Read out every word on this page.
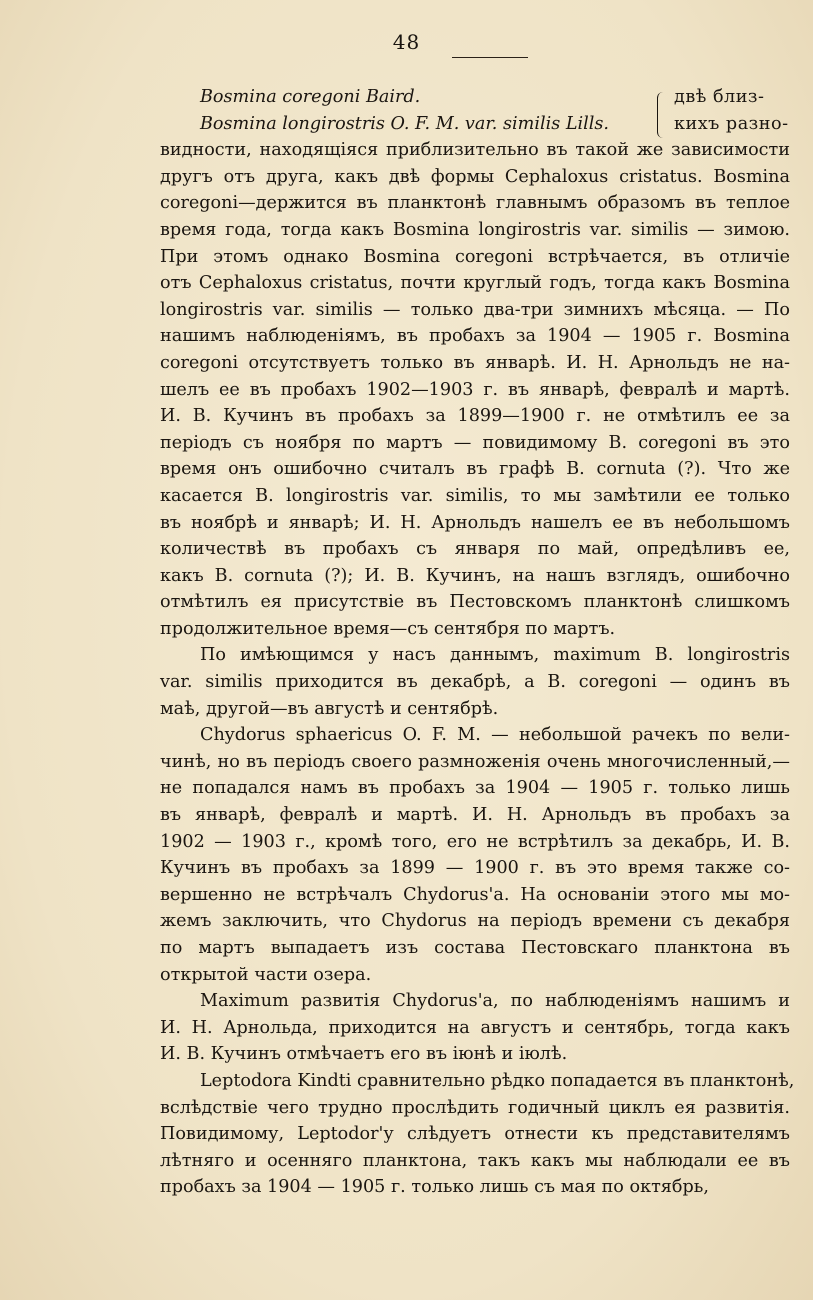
48
Bosmina coregoni Baird.	двѣ близ-
Bosmina longirostris O. F. M. var. similis Lills.	кихъ разно-
видности, находящіяся приблизительно въ такой же зависимости
другъ отъ друга, какъ двѣ формы Cephaloxus cristatus. Bosmina
coregoni—держится въ планктонѣ главнымъ образомъ въ теплое
время года, тогда какъ Bosmina longirostris var. similis — зимою.
При этомъ однако Bosmina coregoni встрѣчается, въ отличіе
отъ Cephaloxus cristatus, почти круглый годъ, тогда какъ Bosmina
longirostris var. similis — только два-три зимнихъ мѣсяца. — По
нашимъ наблюденіямъ, въ пробахъ за 1904 — 1905 г. Bosmina
coregoni отсутствуетъ только въ январѣ. И. Н. Арнольдъ не на-
шелъ ее въ пробахъ 1902—1903 г. въ январѣ, февралѣ и мартѣ.
И. В. Кучинъ въ пробахъ за 1899—1900 г. не отмѣтилъ ее за
періодъ съ ноября по мартъ — повидимому B. coregoni въ это
время онъ ошибочно считалъ въ графѣ B. cornuta (?). Что же
касается B. longirostris var. similis, то мы замѣтили ее только
въ ноябрѣ и январѣ; И. Н. Арнольдъ нашелъ ее въ небольшомъ
количествѣ въ пробахъ съ января по май, опредѣливъ ее,
какъ B. cornuta (?); И. B. Кучинъ, на нашъ взглядъ, ошибочно
отмѣтилъ ея присутствіе въ Пестовскомъ планктонѣ слишкомъ
продолжительное время—съ сентября по мартъ.
По имѣющимся у насъ даннымъ, maximum B. longirostris
var. similis приходится въ декабрѣ, а B. coregoni — одинъ въ
маѣ, другой—въ августѣ и сентябрѣ.
Chydorus sphaericus O. F. M. — небольшой рачекъ по вели-
чинѣ, но въ періодъ своего размноженія очень многочисленный,—
не попадался намъ въ пробахъ за 1904 — 1905 г. только лишь
въ январѣ, февралѣ и мартѣ. И. Н. Арнольдъ въ пробахъ за
1902 — 1903 г., кромѣ того, его не встрѣтилъ за декабрь, И. В.
Кучинъ въ пробахъ за 1899 — 1900 г. въ это время также со-
вершенно не встрѣчалъ Chydorus'а. На основаніи этого мы мо-
жемъ заключить, что Chydorus на періодъ времени съ декабря
по мартъ выпадаетъ изъ состава Пестовскаго планктона въ
открытой части озера.
Maximum развитія Chydorus'а, по наблюденіямъ нашимъ и
И. Н. Арнольда, приходится на августъ и сентябрь, тогда какъ
И. В. Кучинъ отмѣчаетъ его въ іюнѣ и іюлѣ.
Leptodora Kindti сравнительно рѣдко попадается въ планктонѣ,
вслѣдствіе чего трудно прослѣдить годичный циклъ ея развитія.
Повидимому, Leptodor'у слѣдуетъ отнести къ представителямъ
лѣтняго и осенняго планктона, такъ какъ мы наблюдали ее въ
пробахъ за 1904 — 1905 г. только лишь съ мая по октябрь,
